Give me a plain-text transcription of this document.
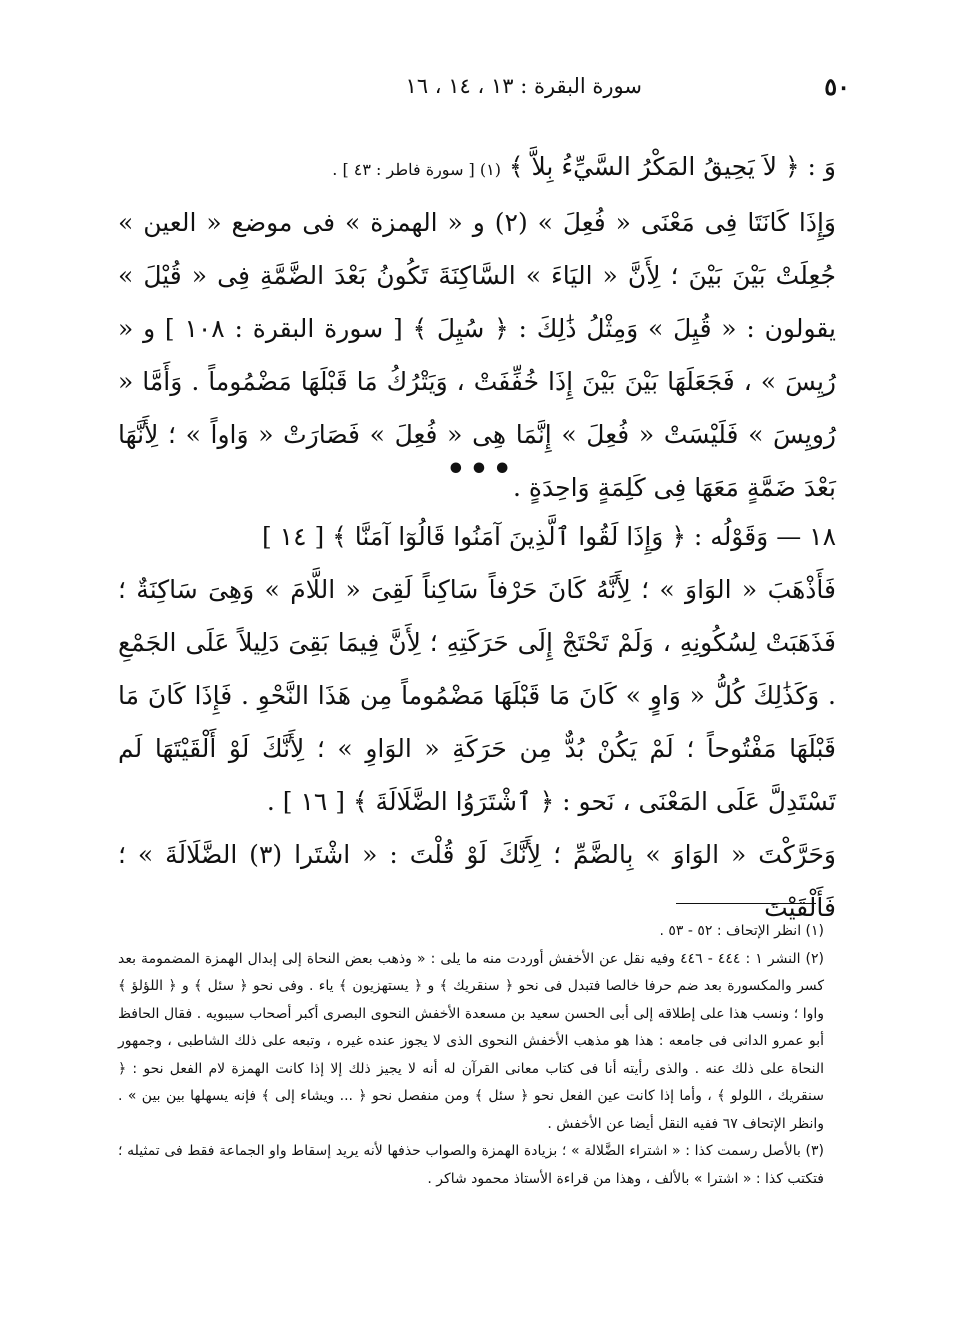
٥٠
سورة البقرة : ١٣ ، ١٤ ، ١٦

وَ : ﴿ لاَ يَحِيقُ المَكْرُ السَّيِّءُ بِلاَّ ﴾ (١) [ سورة فاطر : ٤٣ ] .

وَإِذَا كَانَتَا فِى مَعْنَى « فُعِلَ » (٢) و « الهمزة » فى موضع « العين » جُعِلَتْ بَيْنَ بَيْنَ ؛ لِأَنَّ « اليَاءَ » السَّاكِنَةَ تَكُونُ بَعْدَ الضَّمَّةِ فِى « قُيْلَ » يقولون : « قُيِلَ » وَمِثْلُ ذَٰلِكَ : ﴿ سُيِلَ ﴾ [ سورة البقرة : ١٠٨ ] و « رُيِسَ » ، فَجَعَلَهَا بَيْنَ بَيْنَ إِذَا خُفِّفَتْ ، وَيَتْرُكُ مَا قَبْلَهَا مَضْمُوماً . وَأَمَّا « رُويِسَ » فَلَيْسَتْ « فُعِلَ » إِنَّمَا هِى « فُعِلَ » فَصَارَتْ « وَاواً » ؛ لِأَنَّهَا بَعْدَ ضَمَّةٍ مَعَهَا فِى كَلِمَةٍ وَاحِدَةٍ .

•••

١٨ — وَقَوْلُه : ﴿ وَإِذَا لَقُوا ٱلَّذِينَ آمَنُوا قَالُوٓا آمَنَّا ﴾ [ ١٤ ]

فَأَذْهَبَ « الوَاوَ » ؛ لِأَنَّهُ كَانَ حَرْفاً سَاكِناً لَقِىَ « اللَّامَ » وَهِىَ سَاكِنَةٌ ؛ فَذَهَبَتْ لِسُكُونِهِ ، وَلَمْ تَحْتَجْ إِلَى حَرَكَتِهِ ؛ لِأَنَّ فِيمَا بَقِىَ دَلِيلاً عَلَى الجَمْعِ . وَكَذَٰلِكَ كُلُّ « وَاوٍ » كَانَ مَا قَبْلَهَا مَضْمُوماً مِن هَذَا النَّحْوِ . فَإِذَا كَانَ مَا قَبْلَهَا مَفْتُوحاً ؛ لَمْ يَكُنْ بُدٌّ مِن حَرَكَةِ « الوَاوِ » ؛ لِأَنَّكَ لَوْ أَلْقَيْتَهَا لَم تَسْتَدِلَّ عَلَى المَعْنَى ، نَحو : ﴿ ٱشْتَرَوُا الضَّلَالَةَ ﴾ [ ١٦ ] .

وَحَرَّكْتَ « الوَاوَ » بِالضَّمِّ ؛ لِأَنَّكَ لَوْ قُلْتَ : « اشْتَرا (٣) الضَّلَالَةَ » ؛ فَأَلْقَيْتَ

(١) انظر الإتحاف : ٥٢ - ٥٣ .

(٢) النشر ١ : ٤٤٤ - ٤٤٦ وفيه نقل عن الأخفش أوردت منه ما يلى : « وذهب بعض النحاة إلى إبدال الهمزة المضمومة بعد كسر والمكسورة بعد ضم حرفا خالصا فتبدل فى نحو ﴿ سنقريك ﴾ و ﴿ يستهزيون ﴾ ياء . وفى نحو ﴿ سئل ﴾ و ﴿ اللؤلؤ ﴾ واوا ؛ ونسب هذا على إطلاقه إلى أبى الحسن سعيد بن مسعدة الأخفش النحوى البصرى أكبر أصحاب سيبويه . فقال الحافظ أبو عمرو الدانى فى جامعه : هذا هو مذهب الأخفش النحوى الذى لا يجوز عنده غيره ، وتبعه على ذلك الشاطبى ، وجمهور النحاة على ذلك عنه . والذى رأيته أنا فى كتاب معانى القرآن له أنه لا يجيز ذلك إلا إذا كانت الهمزة لام الفعل نحو : ﴿ سنقريك ، اللولو ﴾ ، وأما إذا كانت عين الفعل نحو ﴿ سئل ﴾ ومن منفصل نحو ﴿ ... ويشاء إلى ﴾ فإنه يسهلها بين بين » . وانظر الإتحاف ٦٧ ففيه النقل أيضا عن الأخفش .

(٣) بالأصل رسمت كذا : « اشتراء الضَّلالة » ؛ بزيادة الهمزة والصواب حذفها لأنه يريد إسقاط واو الجماعة فقط فى تمثيله ؛ فتكتب كذا : « اشترا » بالألف ، وهذا من قراءة الأستاذ محمود شاكر .
